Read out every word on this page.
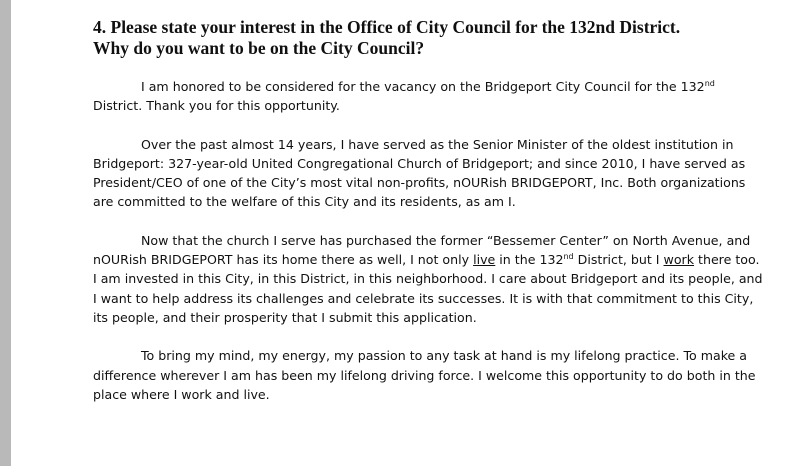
4. Please state your interest in the Office of City Council for the 132nd District.
Why do you want to be on the City Council?

I am honored to be considered for the vacancy on the Bridgeport City Council for the 132nd District. Thank you for this opportunity.

Over the past almost 14 years, I have served as the Senior Minister of the oldest institution in Bridgeport: 327-year-old United Congregational Church of Bridgeport; and since 2010, I have served as President/CEO of one of the City’s most vital non-profits, nOURish BRIDGEPORT, Inc. Both organizations are committed to the welfare of this City and its residents, as am I.

Now that the church I serve has purchased the former “Bessemer Center” on North Avenue, and nOURish BRIDGEPORT has its home there as well, I not only live in the 132nd District, but I work there too. I am invested in this City, in this District, in this neighborhood. I care about Bridgeport and its people, and I want to help address its challenges and celebrate its successes. It is with that commitment to this City, its people, and their prosperity that I submit this application.

To bring my mind, my energy, my passion to any task at hand is my lifelong practice. To make a difference wherever I am has been my lifelong driving force. I welcome this opportunity to do both in the place where I work and live.
